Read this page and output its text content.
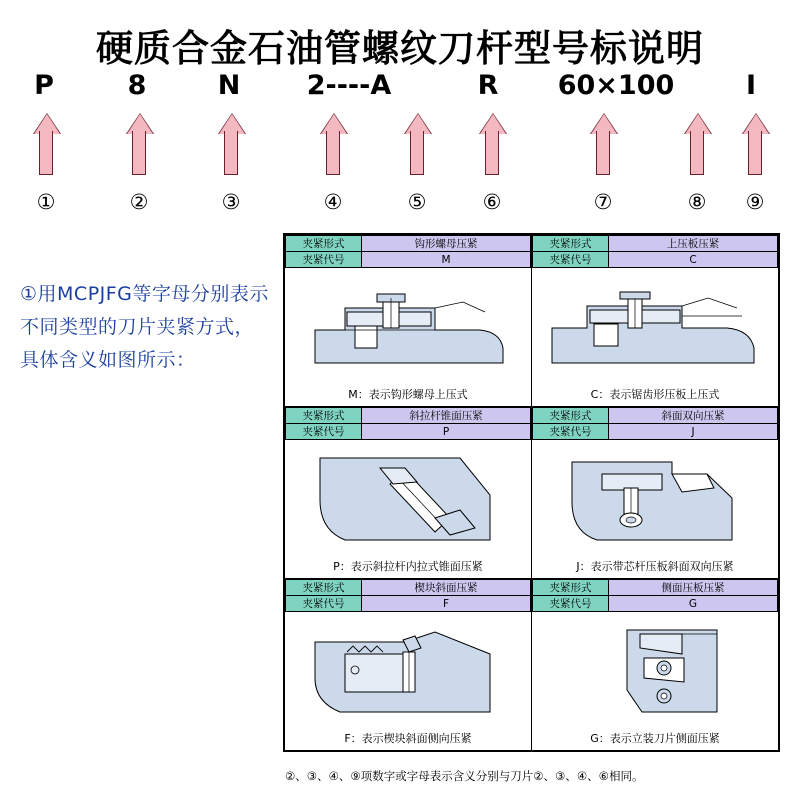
硬质合金石油管螺纹刀杆型号标说明
P	8	N	2----A	R 60×100	Ⅰ
①	②	③	④	⑤	⑥	⑦	⑧ ⑨
①用MCPJFG等字母分别表示不同类型的刀片夹紧方式，具体含义如图所示：
夹紧形式	钩形螺母压紧
夹紧代号	M
M：表示钩形螺母上压式

夹紧形式	上压板压紧
夹紧代号	C
C：表示锯齿形压板上压式

夹紧形式	斜拉杆锥面压紧
夹紧代号	P
P：表示斜拉杆内拉式锥面压紧

夹紧形式	斜面双向压紧
夹紧代号	J
J：表示带芯杆压板斜面双向压紧

夹紧形式	楔块斜面压紧
夹紧代号	F
F：表示楔块斜面侧向压紧

夹紧形式	侧面压板压紧
夹紧代号	G
G：表示立装刀片侧面压紧
②、③、④、⑨项数字或字母表示含义分别与刀片②、③、④、⑥相同。
